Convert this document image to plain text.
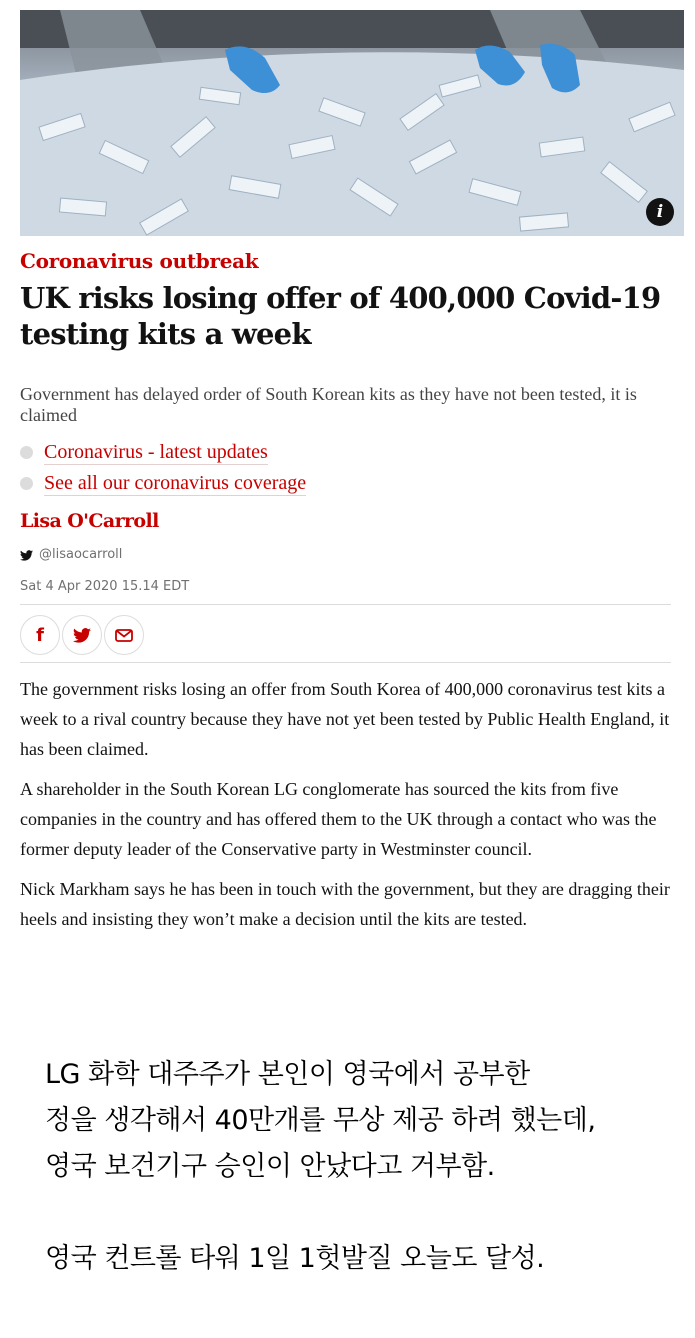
i

Coronavirus outbreak

UK risks losing offer of 400,000 Covid-19 testing kits a week

Government has delayed order of South Korean kits as they have not been tested, it is claimed

Coronavirus - latest updates
See all our coronavirus coverage
Lisa O'Carroll
@lisaocarroll
Sat 4 Apr 2020 15.14 EDT
f

The government risks losing an offer from South Korea of 400,000 coronavirus test kits a week to a rival country because they have not yet been tested by Public Health England, it has been claimed.

A shareholder in the South Korean LG conglomerate has sourced the kits from five companies in the country and has offered them to the UK through a contact who was the former deputy leader of the Conservative party in Westminster council.

Nick Markham says he has been in touch with the government, but they are dragging their heels and insisting they won’t make a decision until the kits are tested.

LG 화학 대주주가 본인이 영국에서 공부한

정을 생각해서 40만개를 무상 제공 하려 했는데,

영국 보건기구 승인이 안났다고 거부함.

영국 컨트롤 타워 1일 1헛발질 오늘도 달성.
